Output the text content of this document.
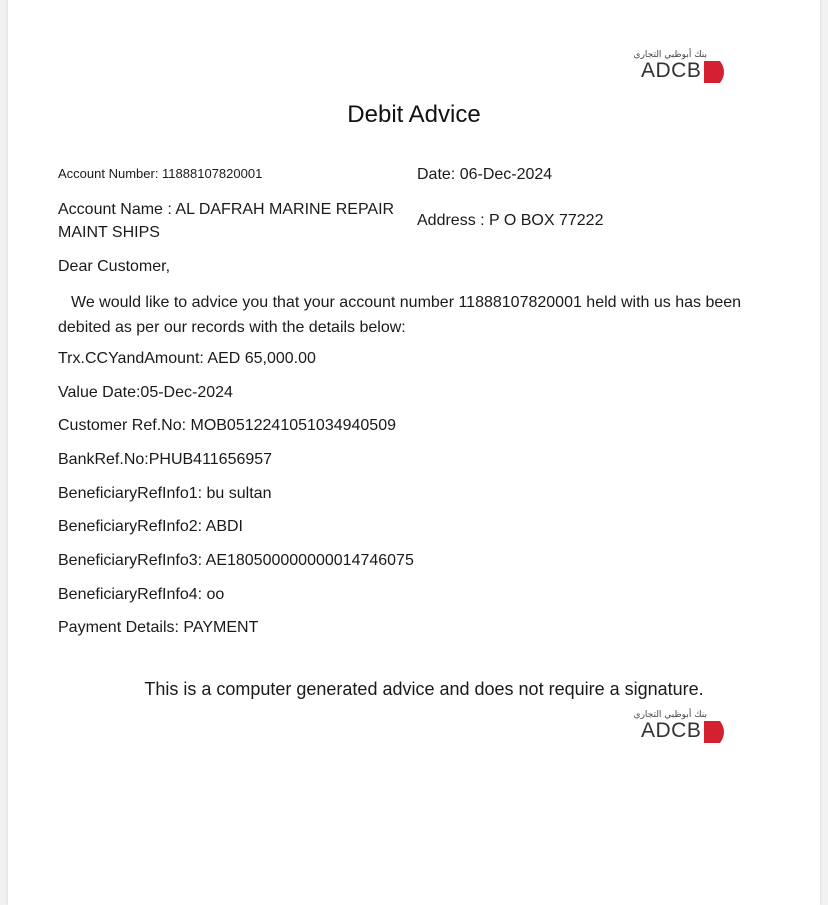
بنك أبوظبي التجاري
ADCB
Debit Advice
Account Number: 11888107820001	Date: 06-Dec-2024
Account Name : AL DAFRAH MARINE REPAIR
MAINT SHIPS
Address : P O BOX 77222
Dear Customer,
We would like to advice you that your account number 11888107820001 held with us has been debited as per our records with the details below:
Trx.CCYandAmount: AED 65,000.00
Value Date:05-Dec-2024
Customer Ref.No: MOB0512241051034940509
BankRef.No:PHUB411656957
BeneficiaryRefInfo1: bu sultan
BeneficiaryRefInfo2: ABDI
BeneficiaryRefInfo3: AE180500000000014746075
BeneficiaryRefInfo4: oo
Payment Details: PAYMENT
This is a computer generated advice and does not require a signature.
بنك أبوظبي التجاري
ADCB
